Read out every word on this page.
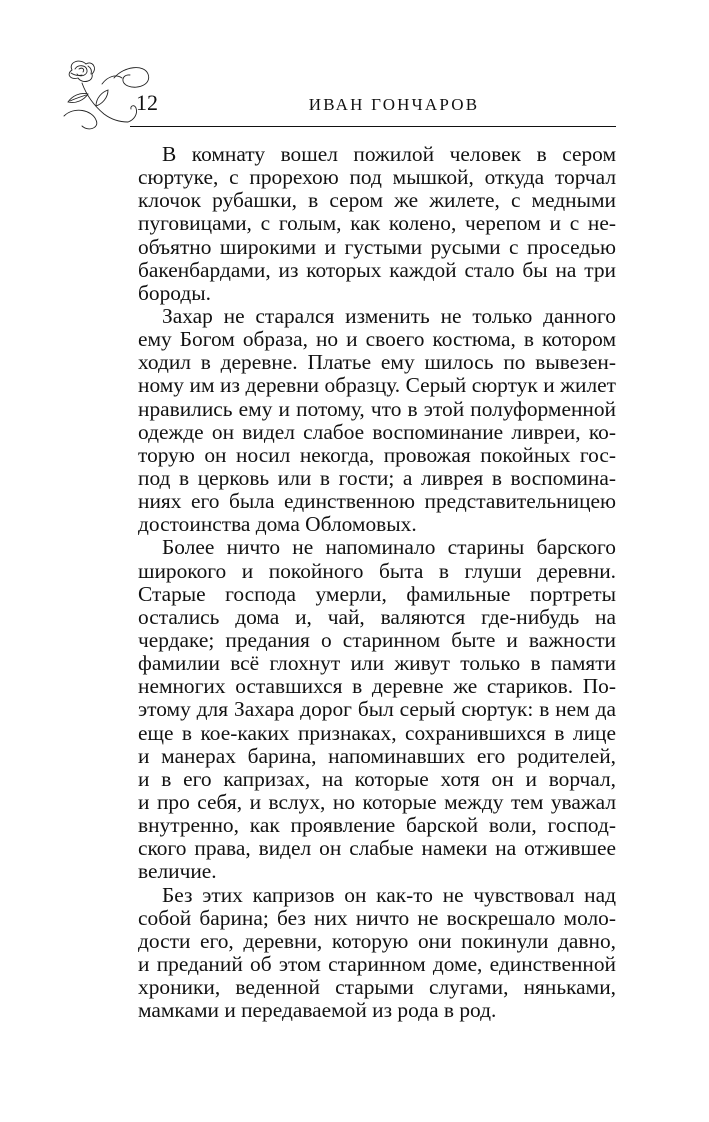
12	ИВАН ГОНЧАРОВ
В комнату вошел пожилой человек в сером
сюртуке, с прорехою под мышкой, откуда торчал
клочок рубашки, в сером же жилете, с медными
пуговицами, с голым, как колено, черепом и с не-
объятно широкими и густыми русыми с проседью
бакенбардами, из которых каждой стало бы на три
бороды.
Захар не старался изменить не только данного
ему Богом образа, но и своего костюма, в котором
ходил в деревне. Платье ему шилось по вывезен-
ному им из деревни образцу. Серый сюртук и жилет
нравились ему и потому, что в этой полуформенной
одежде он видел слабое воспоминание ливреи, ко-
торую он носил некогда, провожая покойных гос-
под в церковь или в гости; а ливрея в воспомина-
ниях его была единственною представительницею
достоинства дома Обломовых.
Более ничто не напоминало старины барского
широкого и покойного быта в глуши деревни.
Старые господа умерли, фамильные портреты
остались дома и, чай, валяются где-нибудь на
чердаке; предания о старинном быте и важности
фамилии всё глохнут или живут только в памяти
немногих оставшихся в деревне же стариков. По-
этому для Захара дорог был серый сюртук: в нем да
еще в кое-каких признаках, сохранившихся в лице
и манерах барина, напоминавших его родителей,
и в его капризах, на которые хотя он и ворчал,
и про себя, и вслух, но которые между тем уважал
внутренно, как проявление барской воли, господ-
ского права, видел он слабые намеки на отжившее
величие.
Без этих капризов он как-то не чувствовал над
собой барина; без них ничто не воскрешало моло-
дости его, деревни, которую они покинули давно,
и преданий об этом старинном доме, единственной
хроники, веденной старыми слугами, няньками,
мамками и передаваемой из рода в род.
